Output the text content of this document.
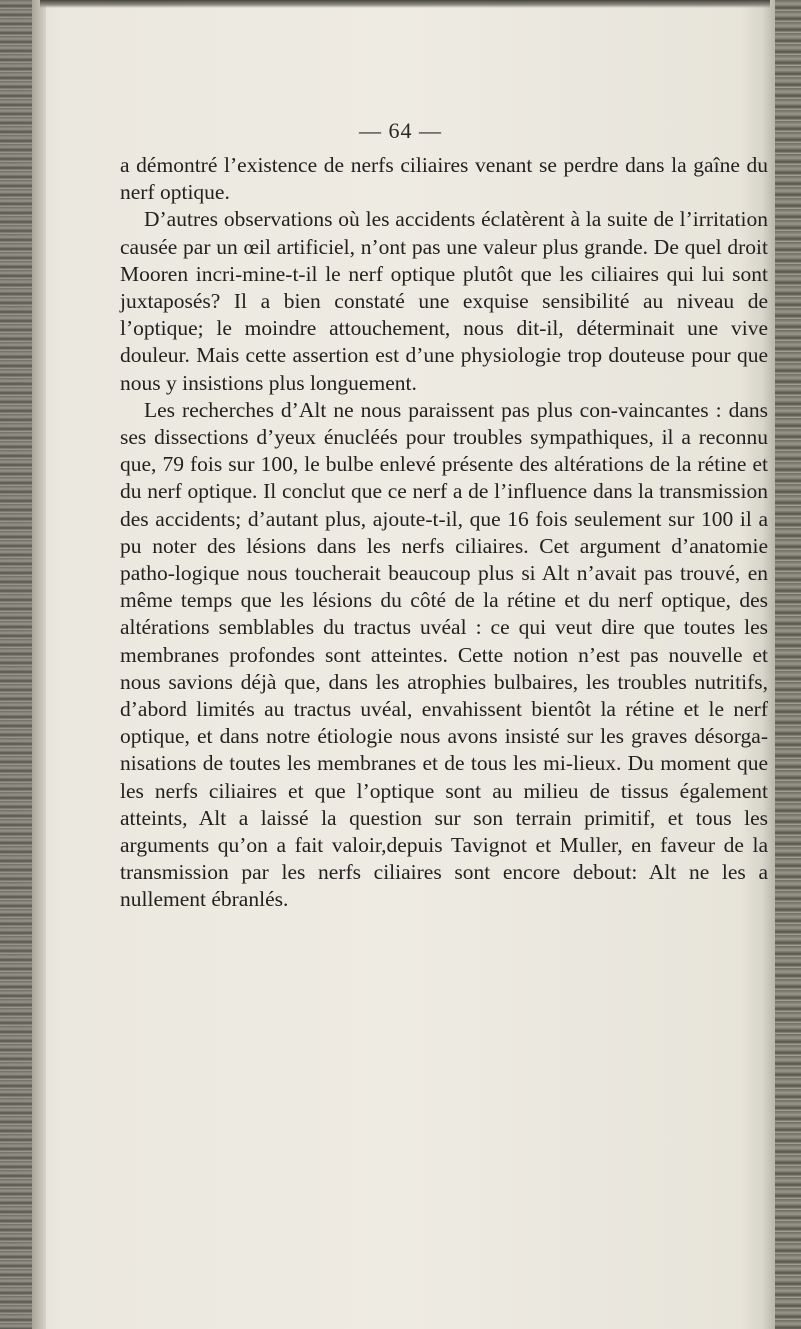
— 64 —

a démontré l’existence de nerfs ciliaires venant se perdre dans la gaîne du nerf optique.

D’autres observations où les accidents éclatèrent à la suite de l’irritation causée par un œil artificiel, n’ont pas une valeur plus grande. De quel droit Mooren incri-mine-t-il le nerf optique plutôt que les ciliaires qui lui sont juxtaposés? Il a bien constaté une exquise sensibilité au niveau de l’optique; le moindre attouchement, nous dit-il, déterminait une vive douleur. Mais cette assertion est d’une physiologie trop douteuse pour que nous y insistions plus longuement.

Les recherches d’Alt ne nous paraissent pas plus con-vaincantes : dans ses dissections d’yeux énucléés pour troubles sympathiques, il a reconnu que, 79 fois sur 100, le bulbe enlevé présente des altérations de la rétine et du nerf optique. Il conclut que ce nerf a de l’influence dans la transmission des accidents; d’autant plus, ajoute-t-il, que 16 fois seulement sur 100 il a pu noter des lésions dans les nerfs ciliaires. Cet argument d’anatomie patho-logique nous toucherait beaucoup plus si Alt n’avait pas trouvé, en même temps que les lésions du côté de la rétine et du nerf optique, des altérations semblables du tractus uvéal : ce qui veut dire que toutes les membranes profondes sont atteintes. Cette notion n’est pas nouvelle et nous savions déjà que, dans les atrophies bulbaires, les troubles nutritifs, d’abord limités au tractus uvéal, envahissent bientôt la rétine et le nerf optique, et dans notre étiologie nous avons insisté sur les graves désorga-nisations de toutes les membranes et de tous les mi-lieux. Du moment que les nerfs ciliaires et que l’optique sont au milieu de tissus également atteints, Alt a laissé la question sur son terrain primitif, et tous les arguments qu’on a fait valoir,depuis Tavignot et Muller, en faveur de la transmission par les nerfs ciliaires sont encore debout: Alt ne les a nullement ébranlés.
